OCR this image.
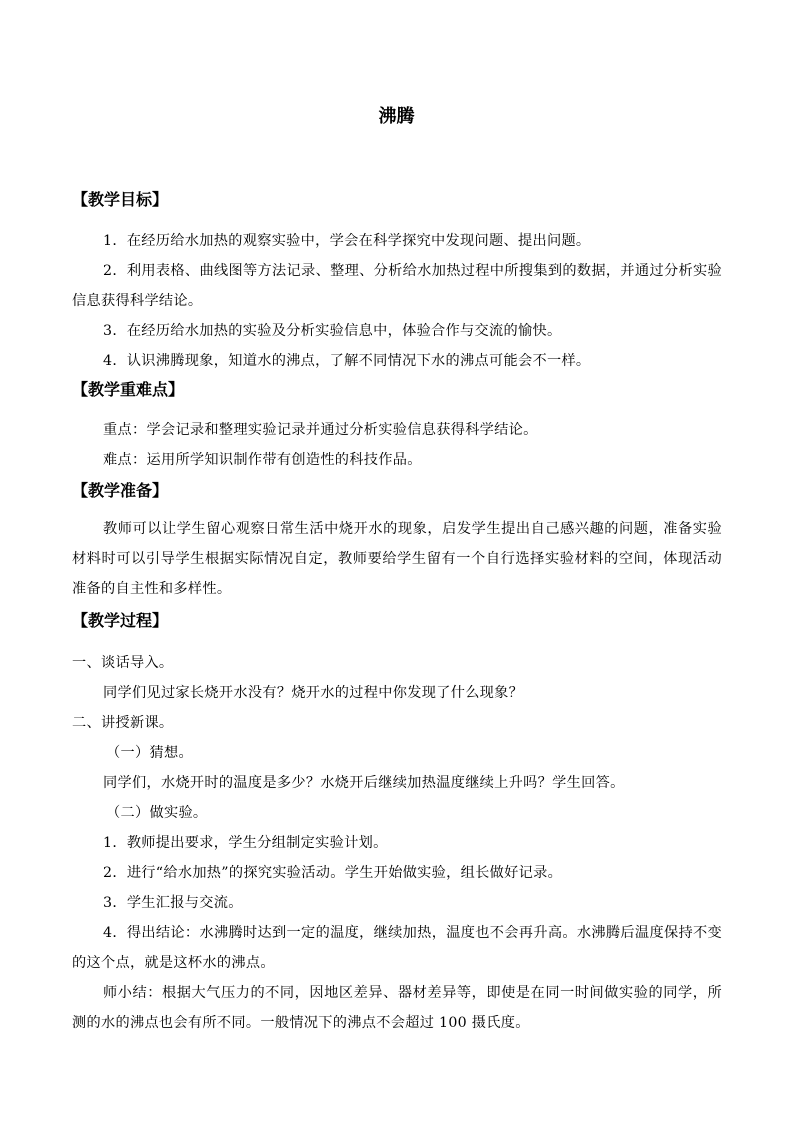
沸腾
【教学目标】

1．在经历给水加热的观察实验中，学会在科学探究中发现问题、提出问题。

2．利用表格、曲线图等方法记录、整理、分析给水加热过程中所搜集到的数据，并通过分析实验信息获得科学结论。

3．在经历给水加热的实验及分析实验信息中，体验合作与交流的愉快。

4．认识沸腾现象，知道水的沸点，了解不同情况下水的沸点可能会不一样。

【教学重难点】

重点：学会记录和整理实验记录并通过分析实验信息获得科学结论。

难点：运用所学知识制作带有创造性的科技作品。

【教学准备】

教师可以让学生留心观察日常生活中烧开水的现象，启发学生提出自己感兴趣的问题，准备实验材料时可以引导学生根据实际情况自定，教师要给学生留有一个自行选择实验材料的空间，体现活动准备的自主性和多样性。

【教学过程】
一、谈话导入。

同学们见过家长烧开水没有？烧开水的过程中你发现了什么现象？

二、讲授新课。
（一）猜想。

同学们，水烧开时的温度是多少？水烧开后继续加热温度继续上升吗？学生回答。

（二）做实验。

1．教师提出要求，学生分组制定实验计划。

2．进行“给水加热”的探究实验活动。学生开始做实验，组长做好记录。

3．学生汇报与交流。

4．得出结论：水沸腾时达到一定的温度，继续加热，温度也不会再升高。水沸腾后温度保持不变的这个点，就是这杯水的沸点。

师小结：根据大气压力的不同，因地区差异、器材差异等，即使是在同一时间做实验的同学，所测的水的沸点也会有所不同。一般情况下的沸点不会超过 100 摄氏度。
